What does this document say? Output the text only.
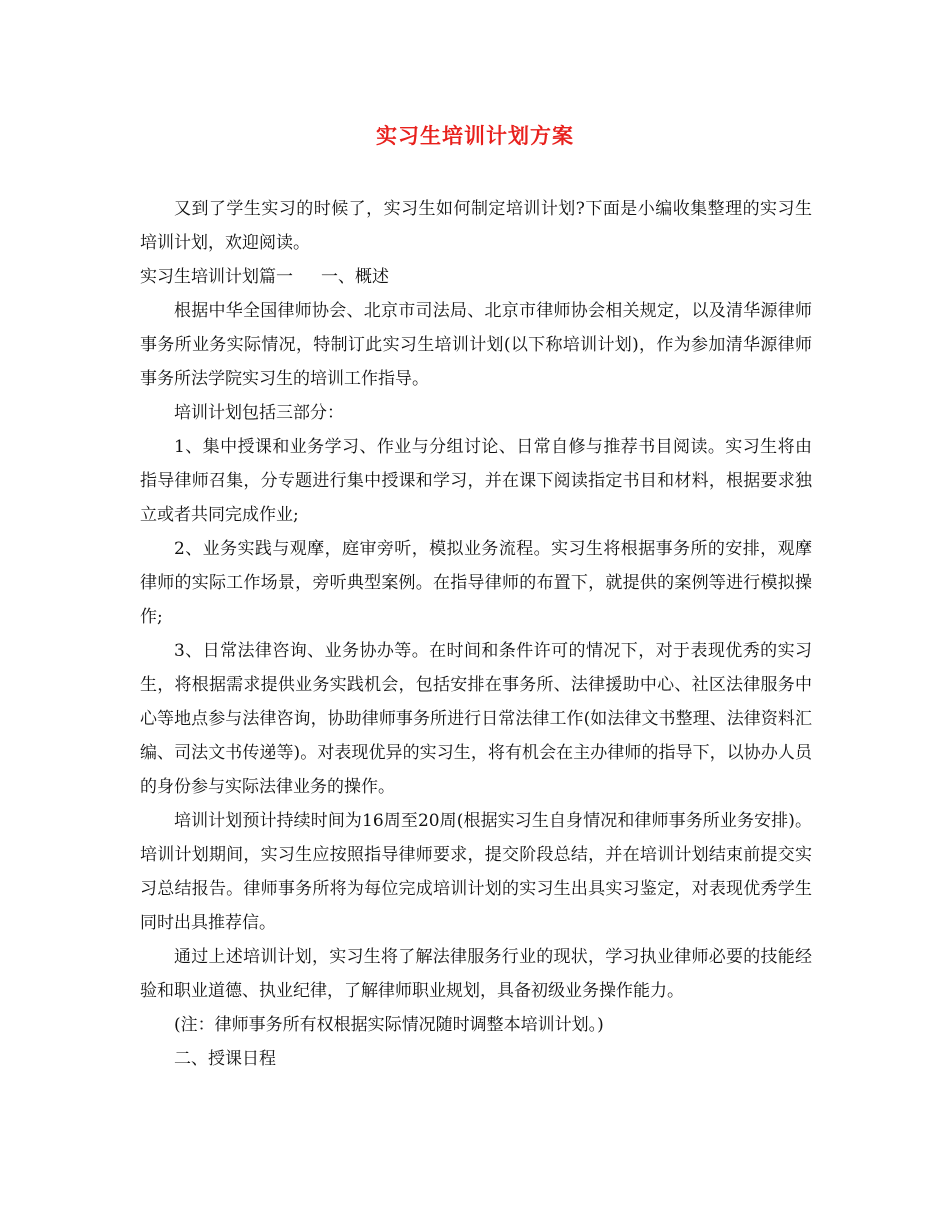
实习生培训计划方案

又到了学生实习的时候了，实习生如何制定培训计划?下面是小编收集整理的实习生培训计划，欢迎阅读。

实习生培训计划篇一 一、概述

根据中华全国律师协会、北京市司法局、北京市律师协会相关规定，以及清华源律师事务所业务实际情况，特制订此实习生培训计划(以下称培训计划)，作为参加清华源律师事务所法学院实习生的培训工作指导。

培训计划包括三部分：

1、集中授课和业务学习、作业与分组讨论、日常自修与推荐书目阅读。实习生将由指导律师召集，分专题进行集中授课和学习，并在课下阅读指定书目和材料，根据要求独立或者共同完成作业;

2、业务实践与观摩，庭审旁听，模拟业务流程。实习生将根据事务所的安排，观摩律师的实际工作场景，旁听典型案例。在指导律师的布置下，就提供的案例等进行模拟操作;

3、日常法律咨询、业务协办等。在时间和条件许可的情况下，对于表现优秀的实习生，将根据需求提供业务实践机会，包括安排在事务所、法律援助中心、社区法律服务中心等地点参与法律咨询，协助律师事务所进行日常法律工作(如法律文书整理、法律资料汇编、司法文书传递等)。对表现优异的实习生，将有机会在主办律师的指导下，以协办人员的身份参与实际法律业务的操作。

培训计划预计持续时间为16周至20周(根据实习生自身情况和律师事务所业务安排)。培训计划期间，实习生应按照指导律师要求，提交阶段总结，并在培训计划结束前提交实习总结报告。律师事务所将为每位完成培训计划的实习生出具实习鉴定，对表现优秀学生同时出具推荐信。

通过上述培训计划，实习生将了解法律服务行业的现状，学习执业律师必要的技能经验和职业道德、执业纪律，了解律师职业规划，具备初级业务操作能力。

(注：律师事务所有权根据实际情况随时调整本培训计划。)

二、授课日程
